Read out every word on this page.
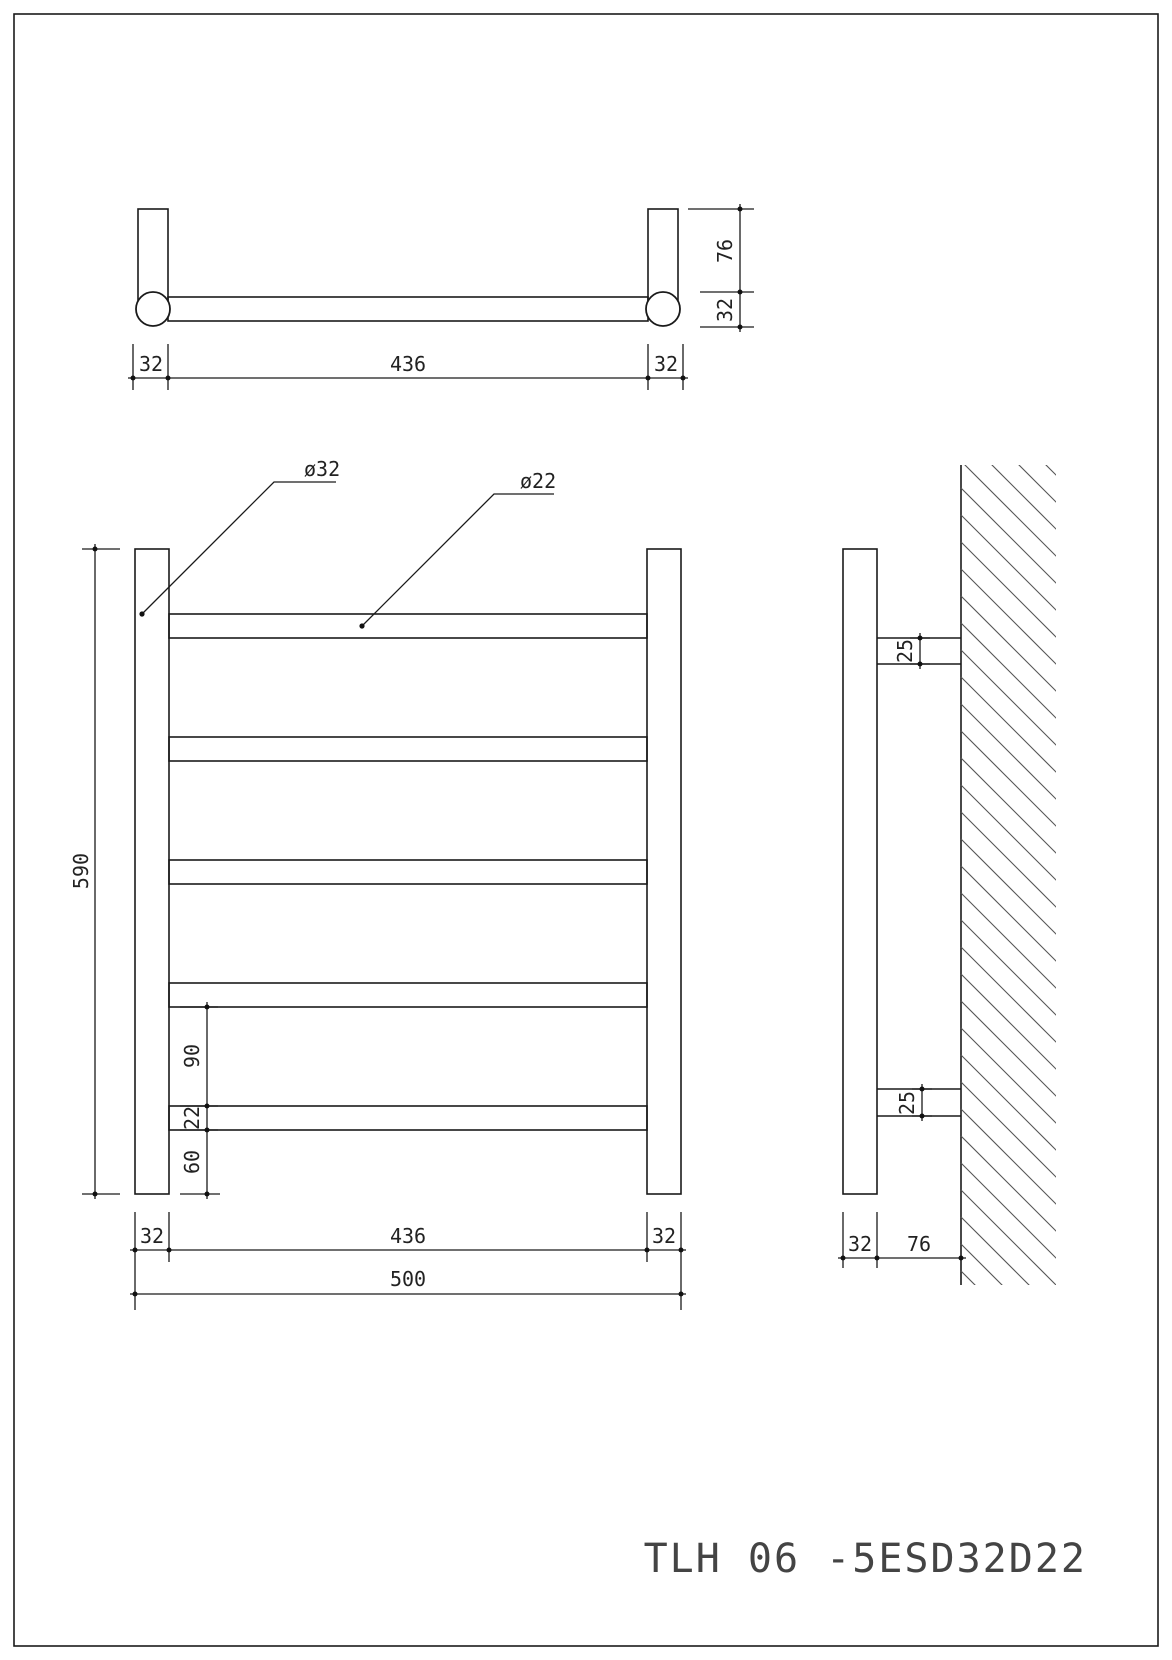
76
32
32	436	32
ø32	ø22
590
90
22
60
32	436	32
500
25
25
32 76
TLH 06 -5ESD32D22
